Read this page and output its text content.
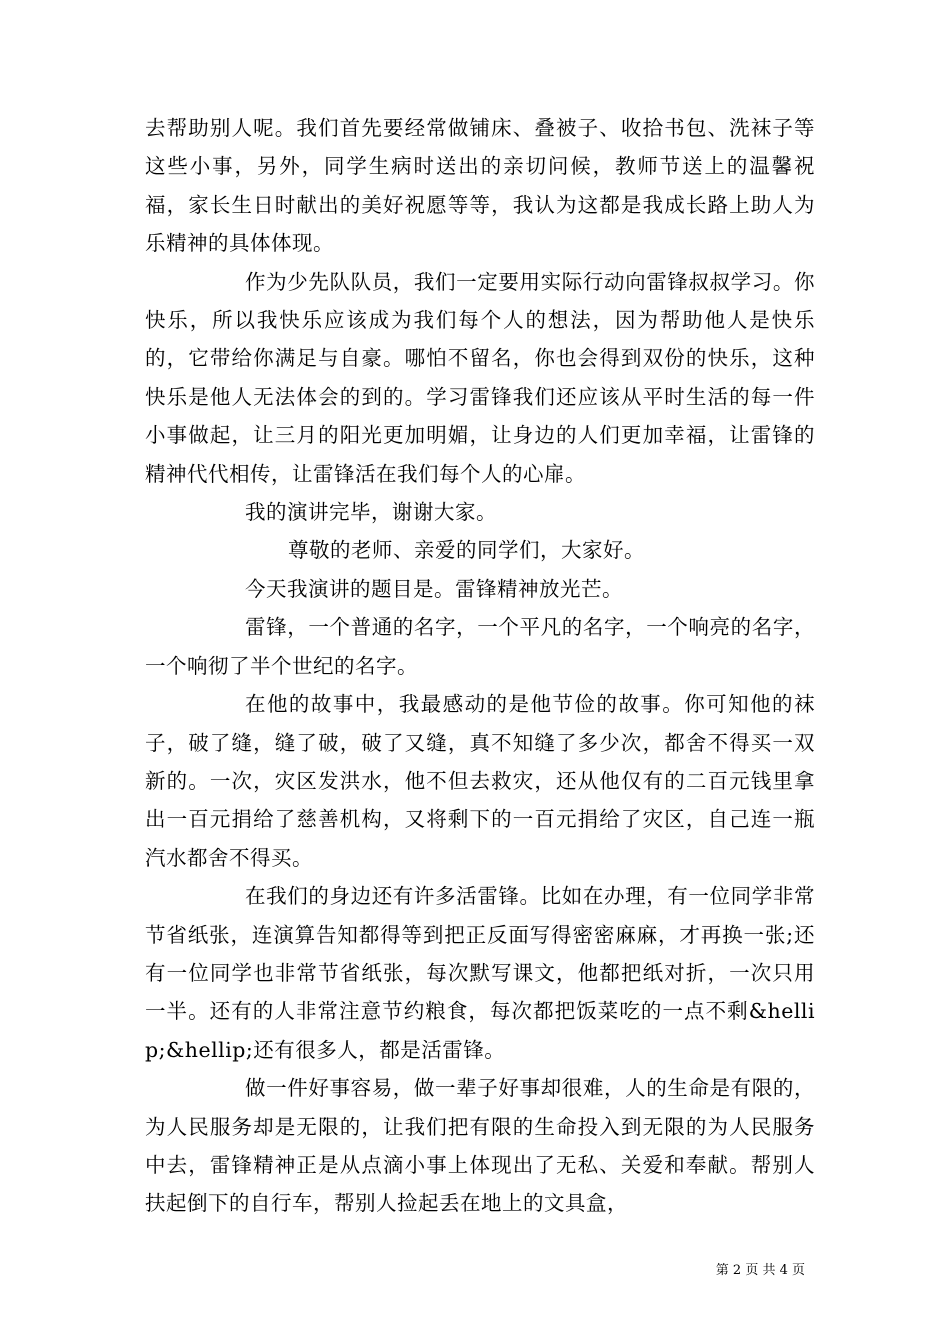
去帮助别人呢。我们首先要经常做铺床、叠被子、收拾书包、洗袜子等这些小事，另外，同学生病时送出的亲切问候，教师节送上的温馨祝福，家长生日时献出的美好祝愿等等，我认为这都是我成长路上助人为乐精神的具体体现。

作为少先队队员，我们一定要用实际行动向雷锋叔叔学习。你快乐，所以我快乐应该成为我们每个人的想法，因为帮助他人是快乐的，它带给你满足与自豪。哪怕不留名，你也会得到双份的快乐，这种快乐是他人无法体会的到的。学习雷锋我们还应该从平时生活的每一件小事做起，让三月的阳光更加明媚，让身边的人们更加幸福，让雷锋的精神代代相传，让雷锋活在我们每个人的心扉。

我的演讲完毕，谢谢大家。

尊敬的老师、亲爱的同学们，大家好。

今天我演讲的题目是。雷锋精神放光芒。

雷锋，一个普通的名字，一个平凡的名字，一个响亮的名字，一个响彻了半个世纪的名字。

在他的故事中，我最感动的是他节俭的故事。你可知他的袜子，破了缝，缝了破，破了又缝，真不知缝了多少次，都舍不得买一双新的。一次，灾区发洪水，他不但去救灾，还从他仅有的二百元钱里拿出一百元捐给了慈善机构，又将剩下的一百元捐给了灾区，自己连一瓶汽水都舍不得买。

在我们的身边还有许多活雷锋。比如在办理，有一位同学非常节省纸张，连演算告知都得等到把正反面写得密密麻麻，才再换一张;还有一位同学也非常节省纸张，每次默写课文，他都把纸对折，一次只用一半。还有的人非常注意节约粮食，每次都把饭菜吃的一点不剩&hellip;&hellip;还有很多人，都是活雷锋。

做一件好事容易，做一辈子好事却很难，人的生命是有限的，为人民服务却是无限的，让我们把有限的生命投入到无限的为人民服务中去，雷锋精神正是从点滴小事上体现出了无私、关爱和奉献。帮别人扶起倒下的自行车，帮别人捡起丢在地上的文具盒，

第 2 页 共 4 页
